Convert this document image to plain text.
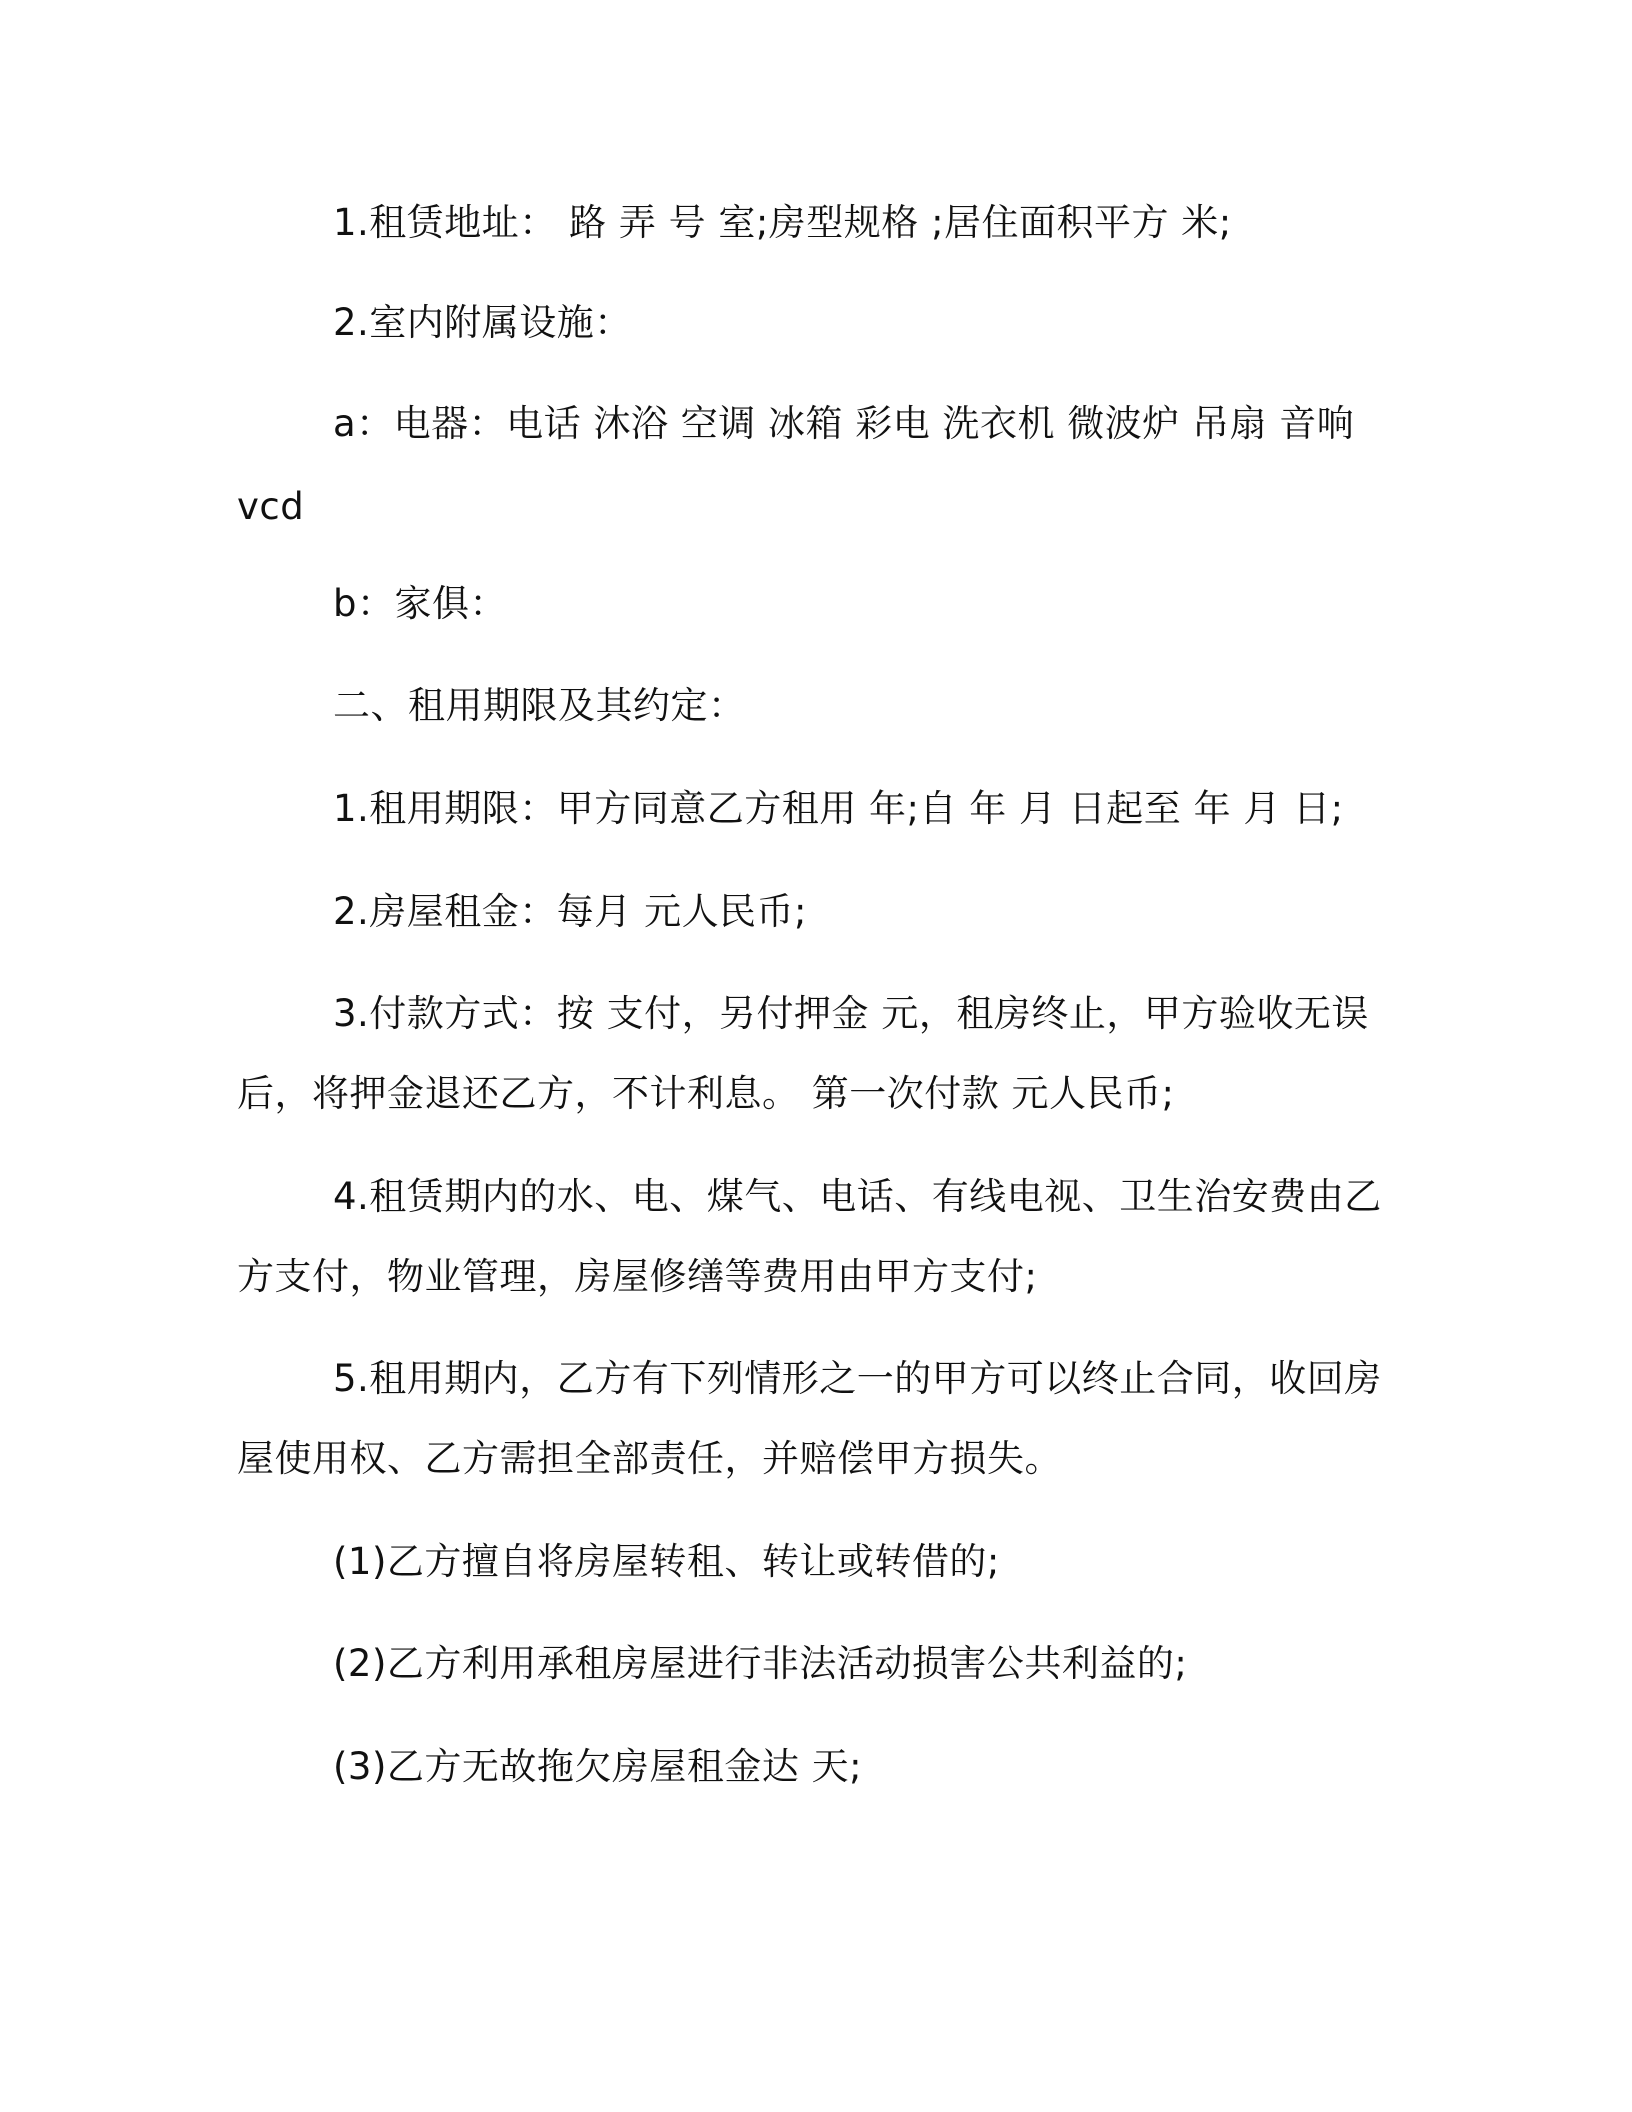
1.租赁地址： 路 弄 号 室;房型规格 ;居住面积平方 米;
2.室内附属设施：
a：电器：电话 沐浴 空调 冰箱 彩电 洗衣机 微波炉 吊扇 音响
vcd
b：家俱：
二、租用期限及其约定：
1.租用期限：甲方同意乙方租用 年;自 年 月 日起至 年 月 日;
2.房屋租金：每月 元人民币;
3.付款方式：按 支付，另付押金 元，租房终止，甲方验收无误
后，将押金退还乙方，不计利息。 第一次付款 元人民币;
4.租赁期内的水、电、煤气、电话、有线电视、卫生治安费由乙
方支付，物业管理，房屋修缮等费用由甲方支付;
5.租用期内，乙方有下列情形之一的甲方可以终止合同，收回房
屋使用权、乙方需担全部责任，并赔偿甲方损失。
(1)乙方擅自将房屋转租、转让或转借的;
(2)乙方利用承租房屋进行非法活动损害公共利益的;
(3)乙方无故拖欠房屋租金达 天;
